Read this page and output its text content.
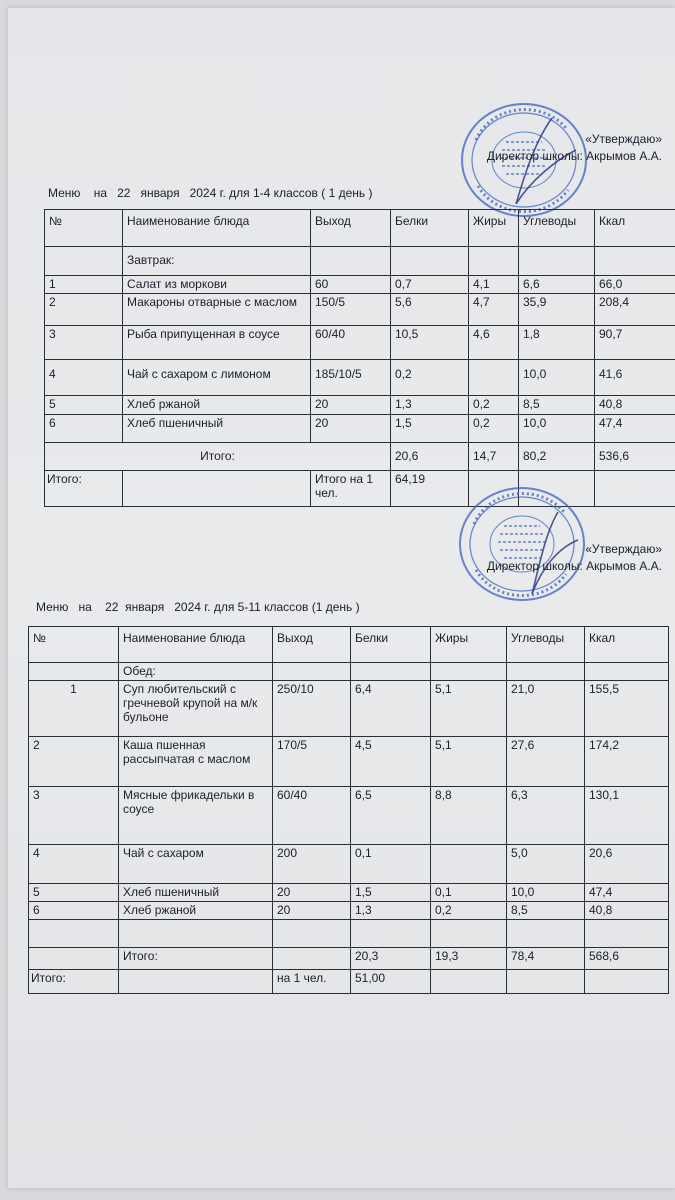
«Утверждаю»
Директор школы: Акрымов А.А.
Меню на 22 января   2024 г. для 1-4 классов ( 1 день )
№	Наименование блюда	Выход	Белки	Жиры	Углеводы	Ккал
	Завтрак:					
1	Салат из моркови	60	0,7	4,1	6,6	66,0
2	Макароны отварные с маслом	150/5	5,6	4,7	35,9	208,4
3	Рыба припущенная в соусе	60/40	10,5	4,6	1,8	90,7
4	Чай с сахаром с лимоном	185/10/5	0,2		10,0	41,6
5	Хлеб ржаной	20	1,3	0,2	8,5	40,8
6	Хлеб пшеничный	20	1,5	0,2	10,0	47,4
Итого:			20,6	14,7	80,2	536,6
Итого:		Итого на 1 чел.	64,19			
«Утверждаю»
Директор школы: Акрымов А.А.
Меню на 22 января   2024 г. для 5-11 классов (1 день )
№	Наименование блюда	Выход	Белки	Жиры	Углеводы	Ккал
	Обед:					
1	Суп любительский с гречневой крупой на м/к бульоне	250/10	6,4	5,1	21,0	155,5
2	Каша пшенная рассыпчатая с маслом	170/5	4,5	5,1	27,6	174,2
3	Мясные фрикадельки в соусе	60/40	6,5	8,8	6,3	130,1
4	Чай с сахаром	200	0,1		5,0	20,6
5	Хлеб пшеничный	20	1,5	0,1	10,0	47,4
6	Хлеб ржаной	20	1,3	0,2	8,5	40,8

	Итого:		20,3	19,3	78,4	568,6
Итого:		на 1 чел.	51,00			
